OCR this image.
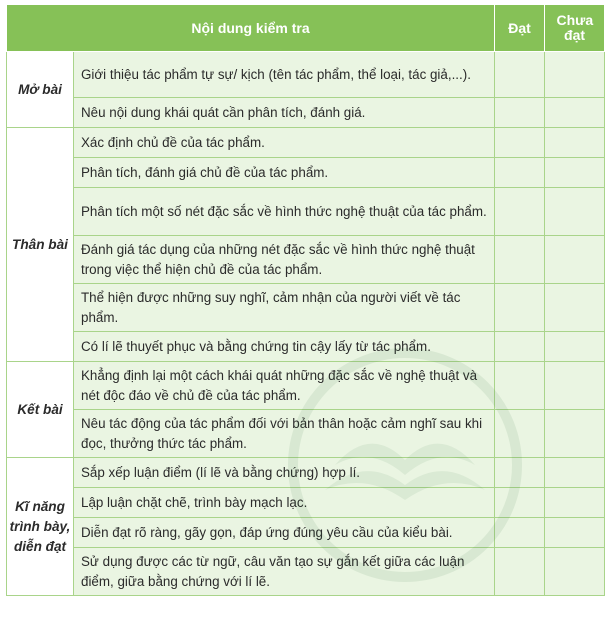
Nội dung kiểm tra		Đạt	Chưa đạt
Mở bài	Giới thiệu tác phẩm tự sự/ kịch (tên tác phẩm, thể loại, tác giả,...).		
	Nêu nội dung khái quát cần phân tích, đánh giá.		
Thân bài	Xác định chủ đề của tác phẩm.		
	Phân tích, đánh giá chủ đề của tác phẩm.		
	Phân tích một số nét đặc sắc về hình thức nghệ thuật của tác phẩm.		
	Đánh giá tác dụng của những nét đặc sắc về hình thức nghệ thuật trong việc thể hiện chủ đề của tác phẩm.		
	Thể hiện được những suy nghĩ, cảm nhận của người viết về tác phẩm.		
	Có lí lẽ thuyết phục và bằng chứng tin cậy lấy từ tác phẩm.		
Kết bài	Khẳng định lại một cách khái quát những đặc sắc về nghệ thuật và nét độc đáo về chủ đề của tác phẩm.		
	Nêu tác động của tác phẩm đối với bản thân hoặc cảm nghĩ sau khi đọc, thưởng thức tác phẩm.		
Kĩ năng trình bày, diễn đạt	Sắp xếp luận điểm (lí lẽ và bằng chứng) hợp lí.		
	Lập luận chặt chẽ, trình bày mạch lạc.		
	Diễn đạt rõ ràng, gãy gọn, đáp ứng đúng yêu cầu của kiểu bài.		
	Sử dụng được các từ ngữ, câu văn tạo sự gắn kết giữa các luận điểm, giữa bằng chứng với lí lẽ.		
